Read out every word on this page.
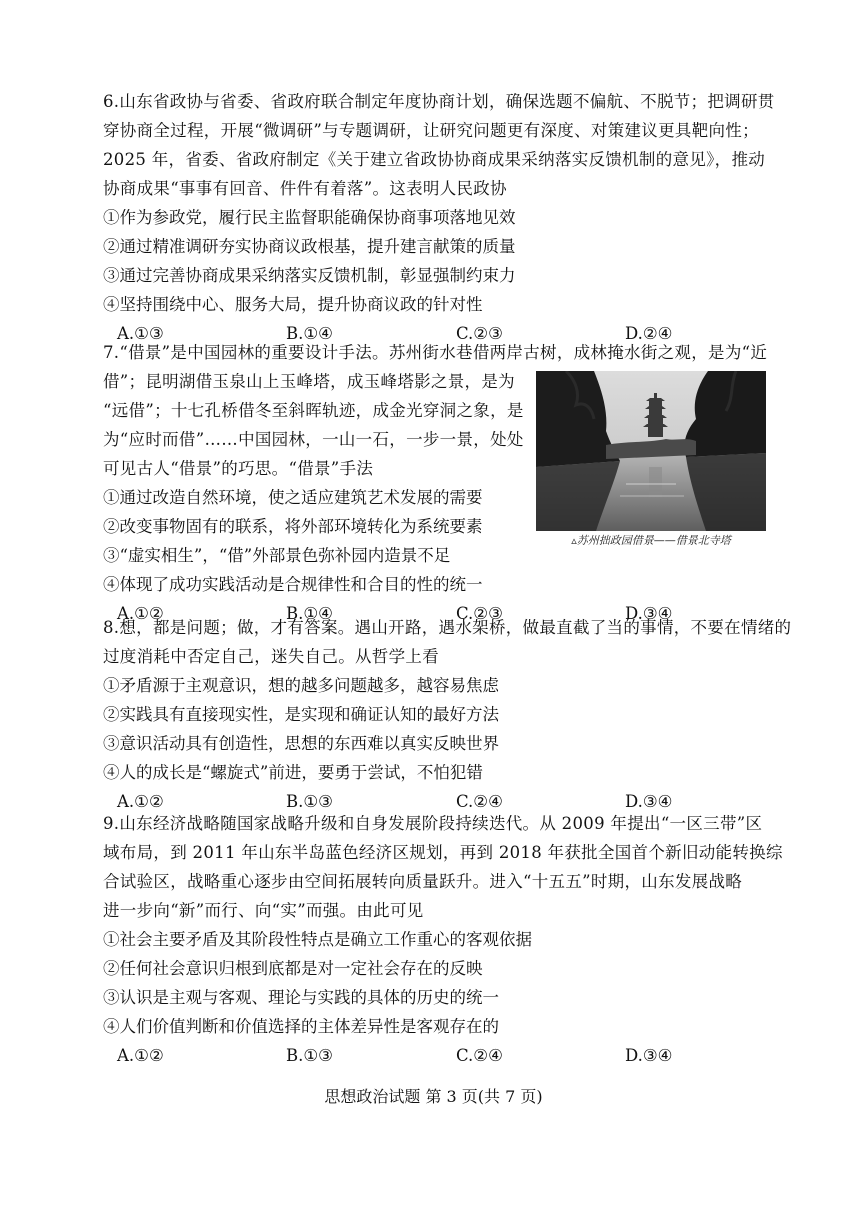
6.山东省政协与省委、省政府联合制定年度协商计划，确保选题不偏航、不脱节；把调研贯
穿协商全过程，开展“微调研”与专题调研，让研究问题更有深度、对策建议更具靶向性；
2025 年，省委、省政府制定《关于建立省政协协商成果采纳落实反馈机制的意见》，推动
协商成果“事事有回音、件件有着落”。这表明人民政协
①作为参政党，履行民主监督职能确保协商事项落地见效
②通过精准调研夯实协商议政根基，提升建言献策的质量
③通过完善协商成果采纳落实反馈机制，彰显强制约束力
④坚持围绕中心、服务大局，提升协商议政的针对性
A.①③	B.①④	C.②③	D.②④
7.“借景”是中国园林的重要设计手法。苏州街水巷借两岸古树，成林掩水街之观，是为“近
借”；昆明湖借玉泉山上玉峰塔，成玉峰塔影之景，是为
“远借”；十七孔桥借冬至斜晖轨迹，成金光穿洞之象，是
为“应时而借”……中国园林，一山一石，一步一景，处处
可见古人“借景”的巧思。“借景”手法
①通过改造自然环境，使之适应建筑艺术发展的需要
②改变事物固有的联系，将外部环境转化为系统要素
③“虚实相生”，“借”外部景色弥补园内造景不足
④体现了成功实践活动是合规律性和合目的性的统一
A.①②	B.①④	C.②③	D.③④
▵苏州拙政园借景——借景北寺塔
8.想，都是问题；做，才有答案。遇山开路，遇水架桥，做最直截了当的事情，不要在情绪的
过度消耗中否定自己，迷失自己。从哲学上看
①矛盾源于主观意识，想的越多问题越多，越容易焦虑
②实践具有直接现实性，是实现和确证认知的最好方法
③意识活动具有创造性，思想的东西难以真实反映世界
④人的成长是“螺旋式”前进，要勇于尝试，不怕犯错
A.①②	B.①③	C.②④	D.③④
9.山东经济战略随国家战略升级和自身发展阶段持续迭代。从 2009 年提出“一区三带”区
域布局，到 2011 年山东半岛蓝色经济区规划，再到 2018 年获批全国首个新旧动能转换综
合试验区，战略重心逐步由空间拓展转向质量跃升。进入“十五五”时期，山东发展战略
进一步向“新”而行、向“实”而强。由此可见
①社会主要矛盾及其阶段性特点是确立工作重心的客观依据
②任何社会意识归根到底都是对一定社会存在的反映
③认识是主观与客观、理论与实践的具体的历史的统一
④人们价值判断和价值选择的主体差异性是客观存在的
A.①②	B.①③	C.②④	D.③④
思想政治试题 第 3 页(共 7 页)
